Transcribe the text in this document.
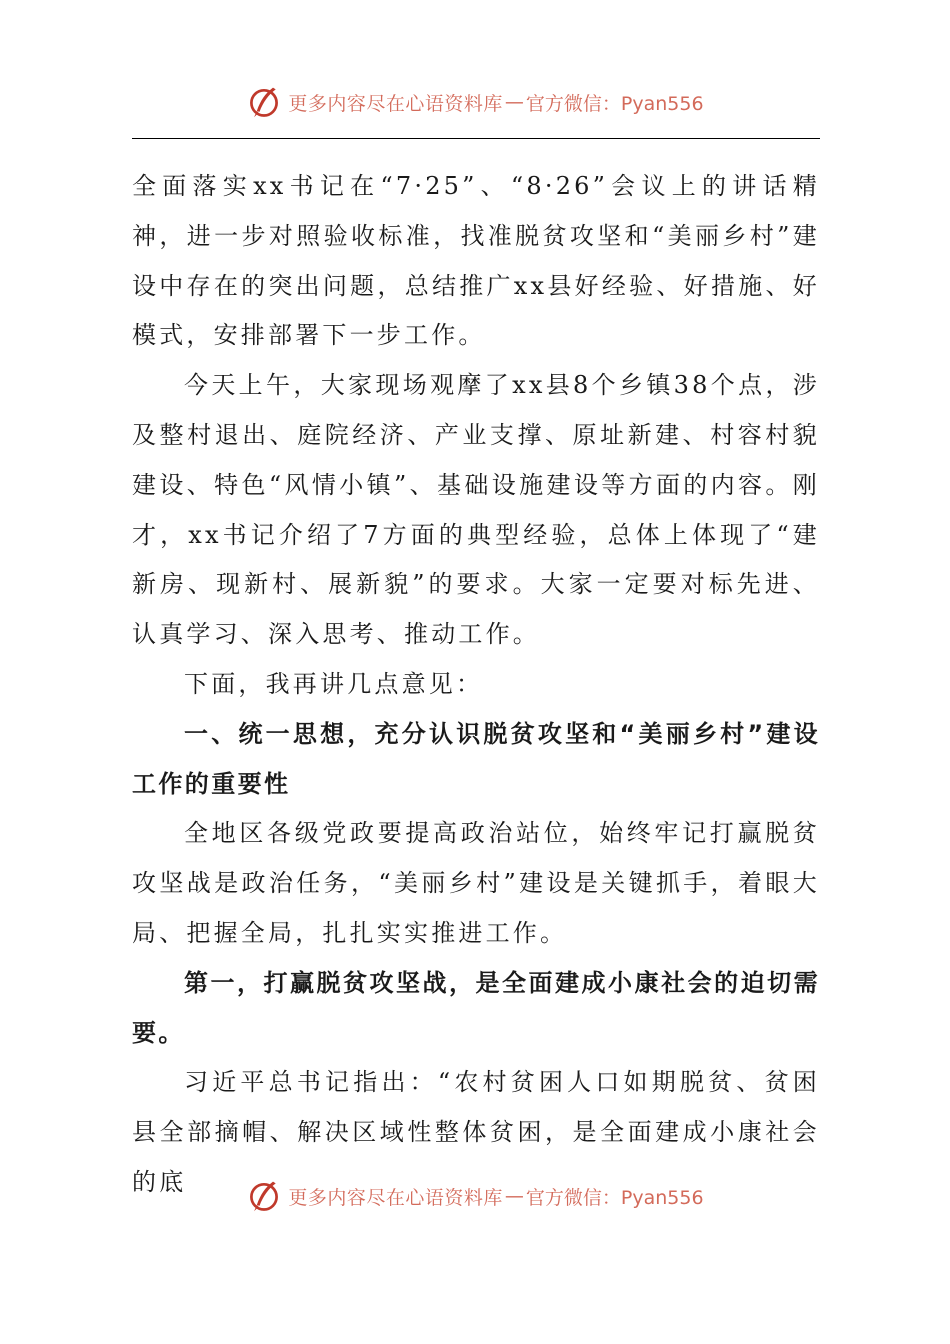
更多内容尽在心语资料库 — 官方微信：Pyan556

全面落实xx书记在“7·25”、“8·26”会议上的讲话精神，进一步对照验收标准，找准脱贫攻坚和“美丽乡村”建设中存在的突出问题，总结推广xx县好经验、好措施、好模式，安排部署下一步工作。

今天上午，大家现场观摩了xx县8个乡镇38个点，涉及整村退出、庭院经济、产业支撑、原址新建、村容村貌建设、特色“风情小镇”、基础设施建设等方面的内容。刚才，xx书记介绍了7方面的典型经验，总体上体现了“建新房、现新村、展新貌”的要求。大家一定要对标先进、认真学习、深入思考、推动工作。

下面，我再讲几点意见：

一、统一思想，充分认识脱贫攻坚和“美丽乡村”建设工作的重要性

全地区各级党政要提高政治站位，始终牢记打赢脱贫攻坚战是政治任务，“美丽乡村”建设是关键抓手，着眼大局、把握全局，扎扎实实推进工作。

第一，打赢脱贫攻坚战，是全面建成小康社会的迫切需要。

习近平总书记指出：“农村贫困人口如期脱贫、贫困县全部摘帽、解决区域性整体贫困，是全面建成小康社会的底

更多内容尽在心语资料库 — 官方微信：Pyan556
